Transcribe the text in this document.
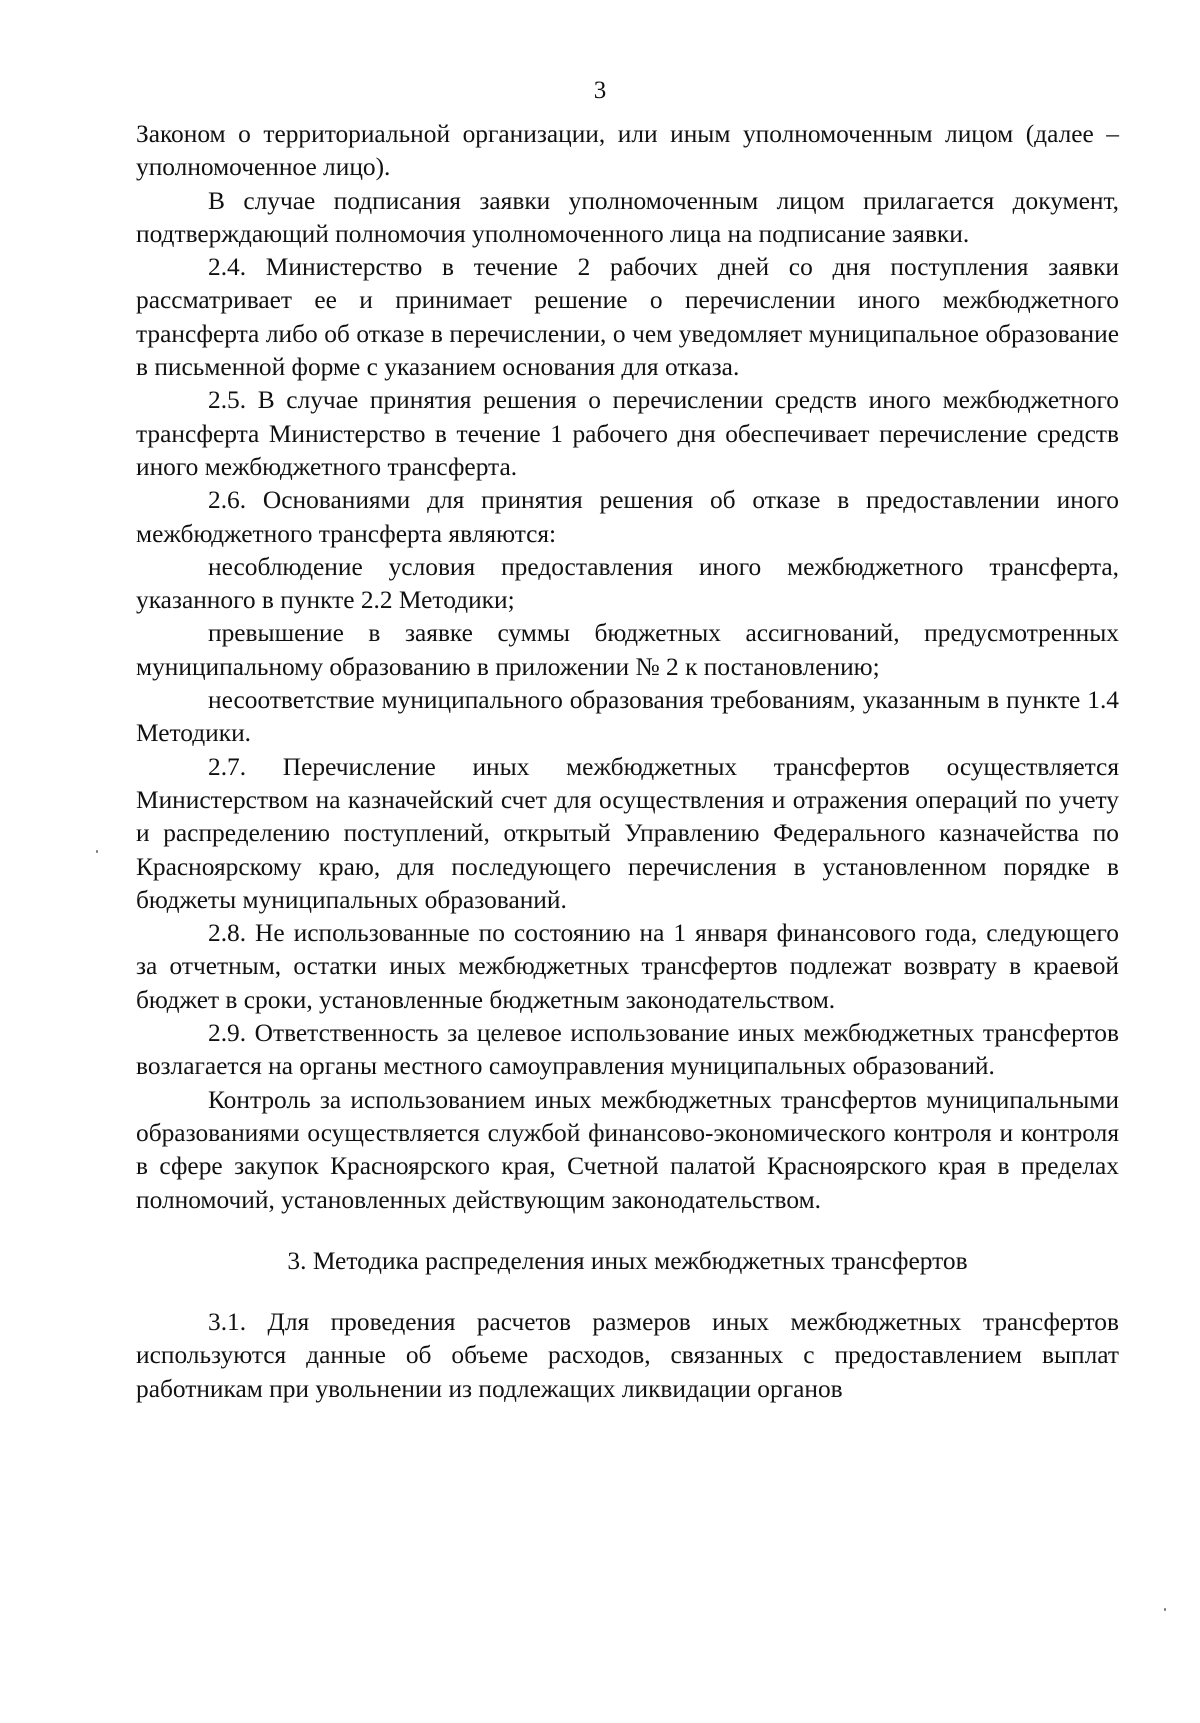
3

Законом о территориальной организации, или иным уполномоченным лицом (далее – уполномоченное лицо).

В случае подписания заявки уполномоченным лицом прилагается документ, подтверждающий полномочия уполномоченного лица на подписание заявки.

2.4. Министерство в течение 2 рабочих дней со дня поступления заявки рассматривает ее и принимает решение о перечислении иного межбюджетного трансферта либо об отказе в перечислении, о чем уведомляет муниципальное образование в письменной форме с указанием основания для отказа.

2.5. В случае принятия решения о перечислении средств иного межбюджетного трансферта Министерство в течение 1 рабочего дня обеспечивает перечисление средств иного межбюджетного трансферта.

2.6. Основаниями для принятия решения об отказе в предоставлении иного межбюджетного трансферта являются:

несоблюдение условия предоставления иного межбюджетного трансферта, указанного в пункте 2.2 Методики;

превышение в заявке суммы бюджетных ассигнований, предусмотренных муниципальному образованию в приложении № 2 к постановлению;

несоответствие муниципального образования требованиям, указанным в пункте 1.4 Методики.

2.7. Перечисление иных межбюджетных трансфертов осуществляется Министерством на казначейский счет для осуществления и отражения операций по учету и распределению поступлений, открытый Управлению Федерального казначейства по Красноярскому краю, для последующего перечисления в установленном порядке в бюджеты муниципальных образований.

2.8. Не использованные по состоянию на 1 января финансового года, следующего за отчетным, остатки иных межбюджетных трансфертов подлежат возврату в краевой бюджет в сроки, установленные бюджетным законодательством.

2.9. Ответственность за целевое использование иных межбюджетных трансфертов возлагается на органы местного самоуправления муниципальных образований.

Контроль за использованием иных межбюджетных трансфертов муниципальными образованиями осуществляется службой финансово-экономического контроля и контроля в сфере закупок Красноярского края, Счетной палатой Красноярского края в пределах полномочий, установленных действующим законодательством.

3. Методика распределения иных межбюджетных трансфертов

3.1. Для проведения расчетов размеров иных межбюджетных трансфертов используются данные об объеме расходов, связанных с предоставлением выплат работникам при увольнении из подлежащих ликвидации органов
